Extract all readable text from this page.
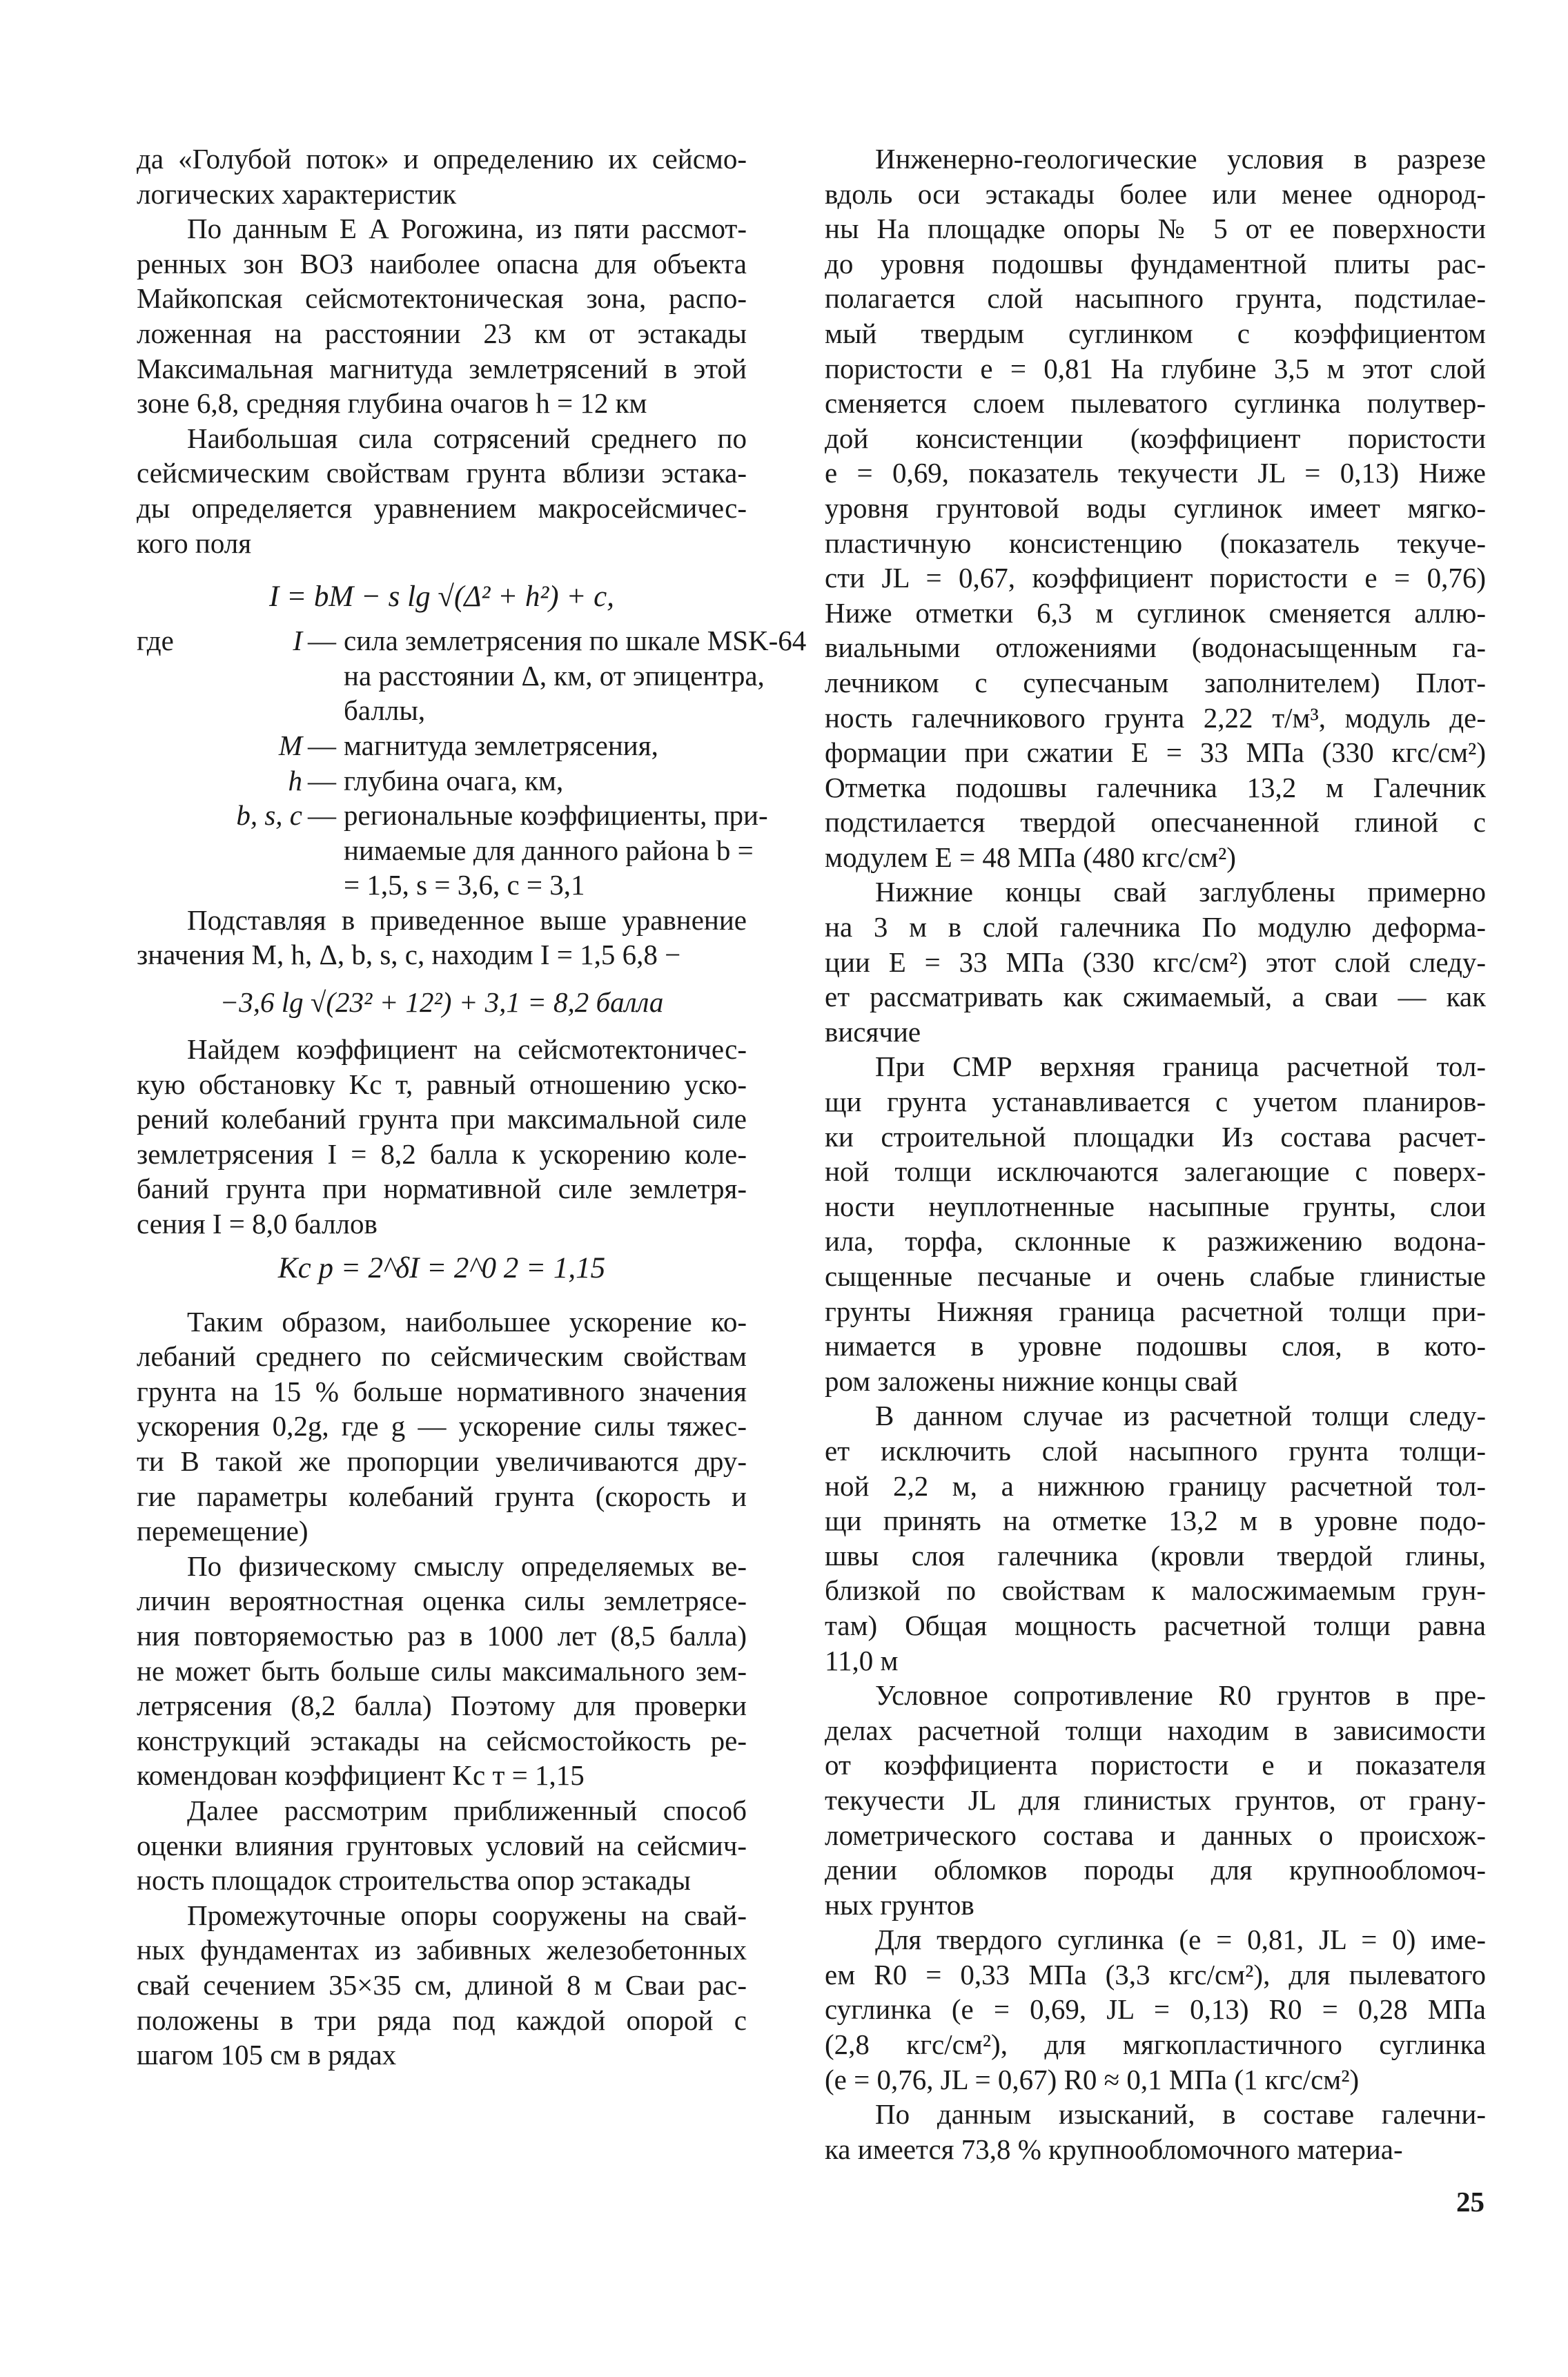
да «Голубой поток» и определению их сейсмо-
логических характеристик
По данным Е А Рогожина, из пяти рассмот-
ренных зон ВОЗ наиболее опасна для объекта
Майкопская сейсмотектоническая зона, распо-
ложенная на расстоянии 23 км от эстакады
Максимальная магнитуда землетрясений в этой
зоне 6,8, средняя глубина очагов h = 12 км
Наибольшая сила сотрясений среднего по
сейсмическим свойствам грунта вблизи эстака-
ды определяется уравнением макросейсмичес-
кого поля
I = bM − s lg √(Δ² + h²) + c,
где	I — сила землетрясения по шкале MSK-64
на расстоянии Δ, км, от эпицентра,
баллы,
M — магнитуда землетрясения,
h — глубина очага, км,
b, s, c — региональные коэффициенты, при-
нимаемые для данного района b =
= 1,5, s = 3,6, c = 3,1
Подставляя в приведенное выше уравнение
значения M, h, Δ, b, s, c, находим I = 1,5 6,8 −
−3,6 lg √(23² + 12²) + 3,1 = 8,2 балла
Найдем коэффициент на сейсмотектоничес-
кую обстановку Kс т, равный отношению уско-
рений колебаний грунта при максимальной силе
землетрясения I = 8,2 балла к ускорению коле-
баний грунта при нормативной силе землетря-
сения I = 8,0 баллов
Kс р = 2^δI = 2^0 2 = 1,15
Таким образом, наибольшее ускорение ко-
лебаний среднего по сейсмическим свойствам
грунта на 15 % больше нормативного значения
ускорения 0,2g, где g — ускорение силы тяжес-
ти В такой же пропорции увеличиваются дру-
гие параметры колебаний грунта (скорость и
перемещение)
По физическому смыслу определяемых ве-
личин вероятностная оценка силы землетрясе-
ния повторяемостью раз в 1000 лет (8,5 балла)
не может быть больше силы максимального зем-
летрясения (8,2 балла) Поэтому для проверки
конструкций эстакады на сейсмостойкость ре-
комендован коэффициент Kс т = 1,15
Далее рассмотрим приближенный способ
оценки влияния грунтовых условий на сейсмич-
ность площадок строительства опор эстакады
Промежуточные опоры сооружены на свай-
ных фундаментах из забивных железобетонных
свай сечением 35×35 см, длиной 8 м Сваи рас-
положены в три ряда под каждой опорой с
шагом 105 см в рядах
Инженерно-геологические условия в разрезе
вдоль оси эстакады более или менее однород-
ны На площадке опоры № 5 от ее поверхности
до уровня подошвы фундаментной плиты рас-
полагается слой насыпного грунта, подстилае-
мый твердым суглинком с коэффициентом
пористости e = 0,81 На глубине 3,5 м этот слой
сменяется слоем пылеватого суглинка полутвер-
дой консистенции (коэффициент пористости
e = 0,69, показатель текучести JL = 0,13) Ниже
уровня грунтовой воды суглинок имеет мягко-
пластичную консистенцию (показатель текуче-
сти JL = 0,67, коэффициент пористости e = 0,76)
Ниже отметки 6,3 м суглинок сменяется аллю-
виальными отложениями (водонасыщенным га-
лечником с супесчаным заполнителем) Плот-
ность галечникового грунта 2,22 т/м³, модуль де-
формации при сжатии E = 33 МПа (330 кгс/см²)
Отметка подошвы галечника 13,2 м Галечник
подстилается твердой опесчаненной глиной с
модулем E = 48 МПа (480 кгс/см²)
Нижние концы свай заглублены примерно
на 3 м в слой галечника По модулю деформа-
ции E = 33 МПа (330 кгс/см²) этот слой следу-
ет рассматривать как сжимаемый, а сваи — как
висячие
При СМР верхняя граница расчетной тол-
щи грунта устанавливается с учетом планиров-
ки строительной площадки Из состава расчет-
ной толщи исключаются залегающие с поверх-
ности неуплотненные насыпные грунты, слои
ила, торфа, склонные к разжижению водона-
сыщенные песчаные и очень слабые глинистые
грунты Нижняя граница расчетной толщи при-
нимается в уровне подошвы слоя, в кото-
ром заложены нижние концы свай
В данном случае из расчетной толщи следу-
ет исключить слой насыпного грунта толщи-
ной 2,2 м, а нижнюю границу расчетной тол-
щи принять на отметке 13,2 м в уровне подо-
швы слоя галечника (кровли твердой глины,
близкой по свойствам к малосжимаемым грун-
там) Общая мощность расчетной толщи равна
11,0 м
Условное сопротивление R0 грунтов в пре-
делах расчетной толщи находим в зависимости
от коэффициента пористости e и показателя
текучести JL для глинистых грунтов, от грану-
лометрического состава и данных о происхож-
дении обломков породы для крупнообломоч-
ных грунтов
Для твердого суглинка (e = 0,81, JL = 0) име-
ем R0 = 0,33 МПа (3,3 кгс/см²), для пылеватого
суглинка (e = 0,69, JL = 0,13) R0 = 0,28 МПа
(2,8 кгс/см²), для мягкопластичного суглинка
(e = 0,76, JL = 0,67) R0 ≈ 0,1 МПа (1 кгс/см²)
По данным изысканий, в составе галечни-
ка имеется 73,8 % крупнообломочного материа-
25
